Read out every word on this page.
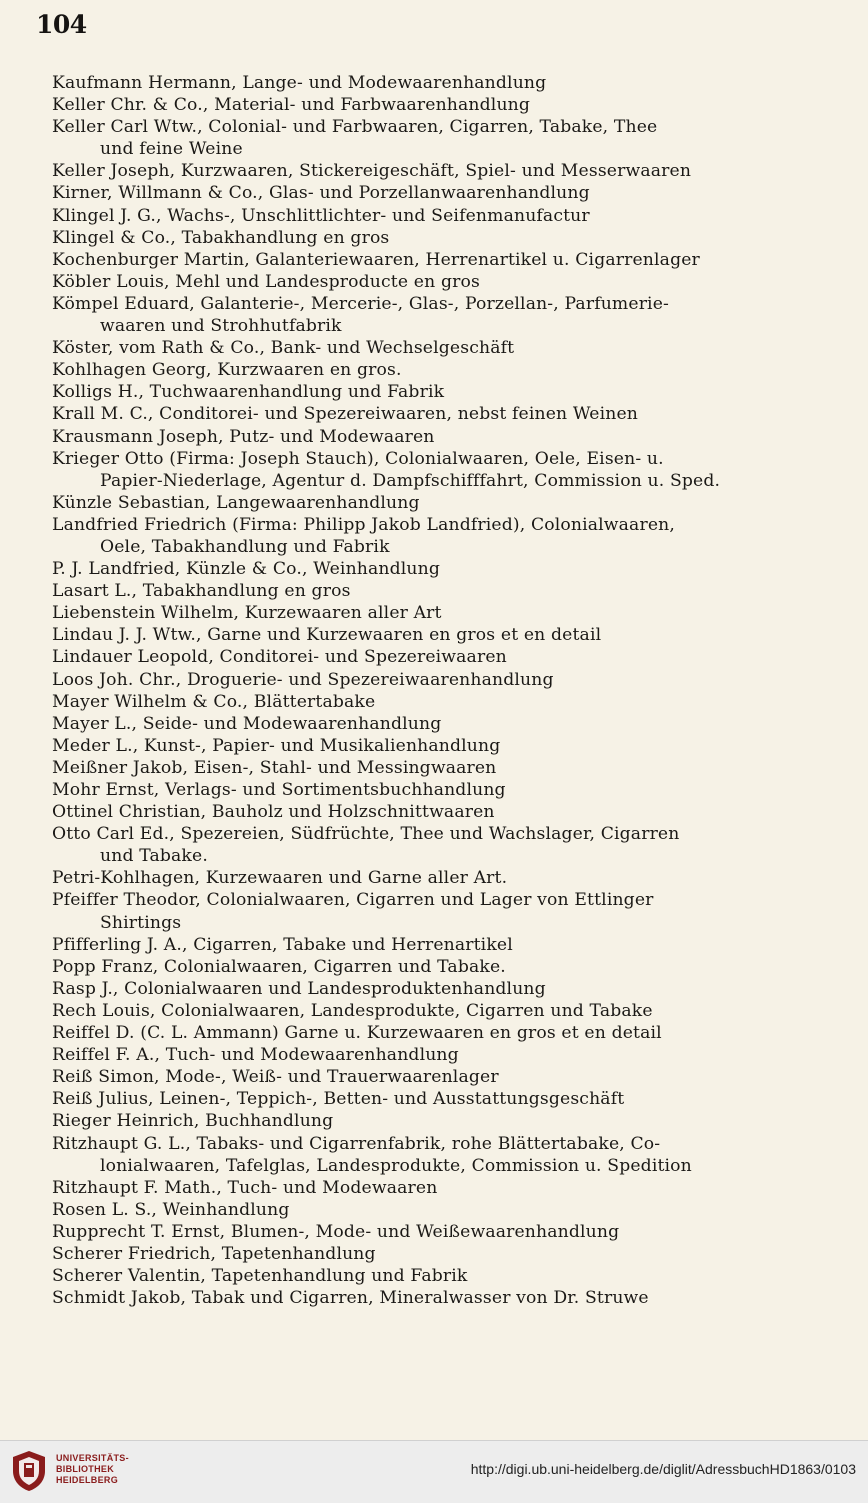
104
Kaufmann Hermann, Lange- und Modewaarenhandlung
Keller Chr. & Co., Material- und Farbwaarenhandlung
Keller Carl Wtw., Colonial- und Farbwaaren, Cigarren, Tabake, Thee
und feine Weine
Keller Joseph, Kurzwaaren, Stickereigeschäft, Spiel- und Messerwaaren
Kirner, Willmann & Co., Glas- und Porzellanwaarenhandlung
Klingel J. G., Wachs-, Unschlittlichter- und Seifenmanufactur
Klingel & Co., Tabakhandlung en gros
Kochenburger Martin, Galanteriewaaren, Herrenartikel u. Cigarrenlager
Köbler Louis, Mehl und Landesproducte en gros
Kömpel Eduard, Galanterie-, Mercerie-, Glas-, Porzellan-, Parfumerie-
waaren und Strohhutfabrik
Köster, vom Rath & Co., Bank- und Wechselgeschäft
Kohlhagen Georg, Kurzwaaren en gros.
Kolligs H., Tuchwaarenhandlung und Fabrik
Krall M. C., Conditorei- und Spezereiwaaren, nebst feinen Weinen
Krausmann Joseph, Putz- und Modewaaren
Krieger Otto (Firma: Joseph Stauch), Colonialwaaren, Oele, Eisen- u.
Papier-Niederlage, Agentur d. Dampfschifffahrt, Commission u. Sped.
Künzle Sebastian, Langewaarenhandlung
Landfried Friedrich (Firma: Philipp Jakob Landfried), Colonialwaaren,
Oele, Tabakhandlung und Fabrik
P. J. Landfried, Künzle & Co., Weinhandlung
Lasart L., Tabakhandlung en gros
Liebenstein Wilhelm, Kurzewaaren aller Art
Lindau J. J. Wtw., Garne und Kurzewaaren en gros et en detail
Lindauer Leopold, Conditorei- und Spezereiwaaren
Loos Joh. Chr., Droguerie- und Spezereiwaarenhandlung
Mayer Wilhelm & Co., Blättertabake
Mayer L., Seide- und Modewaarenhandlung
Meder L., Kunst-, Papier- und Musikalienhandlung
Meißner Jakob, Eisen-, Stahl- und Messingwaaren
Mohr Ernst, Verlags- und Sortimentsbuchhandlung
Ottinel Christian, Bauholz und Holzschnittwaaren
Otto Carl Ed., Spezereien, Südfrüchte, Thee und Wachslager, Cigarren
und Tabake.
Petri-Kohlhagen, Kurzewaaren und Garne aller Art.
Pfeiffer Theodor, Colonialwaaren, Cigarren und Lager von Ettlinger
Shirtings
Pfifferling J. A., Cigarren, Tabake und Herrenartikel
Popp Franz, Colonialwaaren, Cigarren und Tabake.
Rasp J., Colonialwaaren und Landesproduktenhandlung
Rech Louis, Colonialwaaren, Landesprodukte, Cigarren und Tabake
Reiffel D. (C. L. Ammann) Garne u. Kurzewaaren en gros et en detail
Reiffel F. A., Tuch- und Modewaarenhandlung
Reiß Simon, Mode-, Weiß- und Trauerwaarenlager
Reiß Julius, Leinen-, Teppich-, Betten- und Ausstattungsgeschäft
Rieger Heinrich, Buchhandlung
Ritzhaupt G. L., Tabaks- und Cigarrenfabrik, rohe Blättertabake, Co-
lonialwaaren, Tafelglas, Landesprodukte, Commission u. Spedition
Ritzhaupt F. Math., Tuch- und Modewaaren
Rosen L. S., Weinhandlung
Rupprecht T. Ernst, Blumen-, Mode- und Weißewaarenhandlung
Scherer Friedrich, Tapetenhandlung
Scherer Valentin, Tapetenhandlung und Fabrik
Schmidt Jakob, Tabak und Cigarren, Mineralwasser von Dr. Struwe
UNIVERSITÄTS-
BIBLIOTHEK
HEIDELBERG
http://digi.ub.uni-heidelberg.de/diglit/AdressbuchHD1863/0103
